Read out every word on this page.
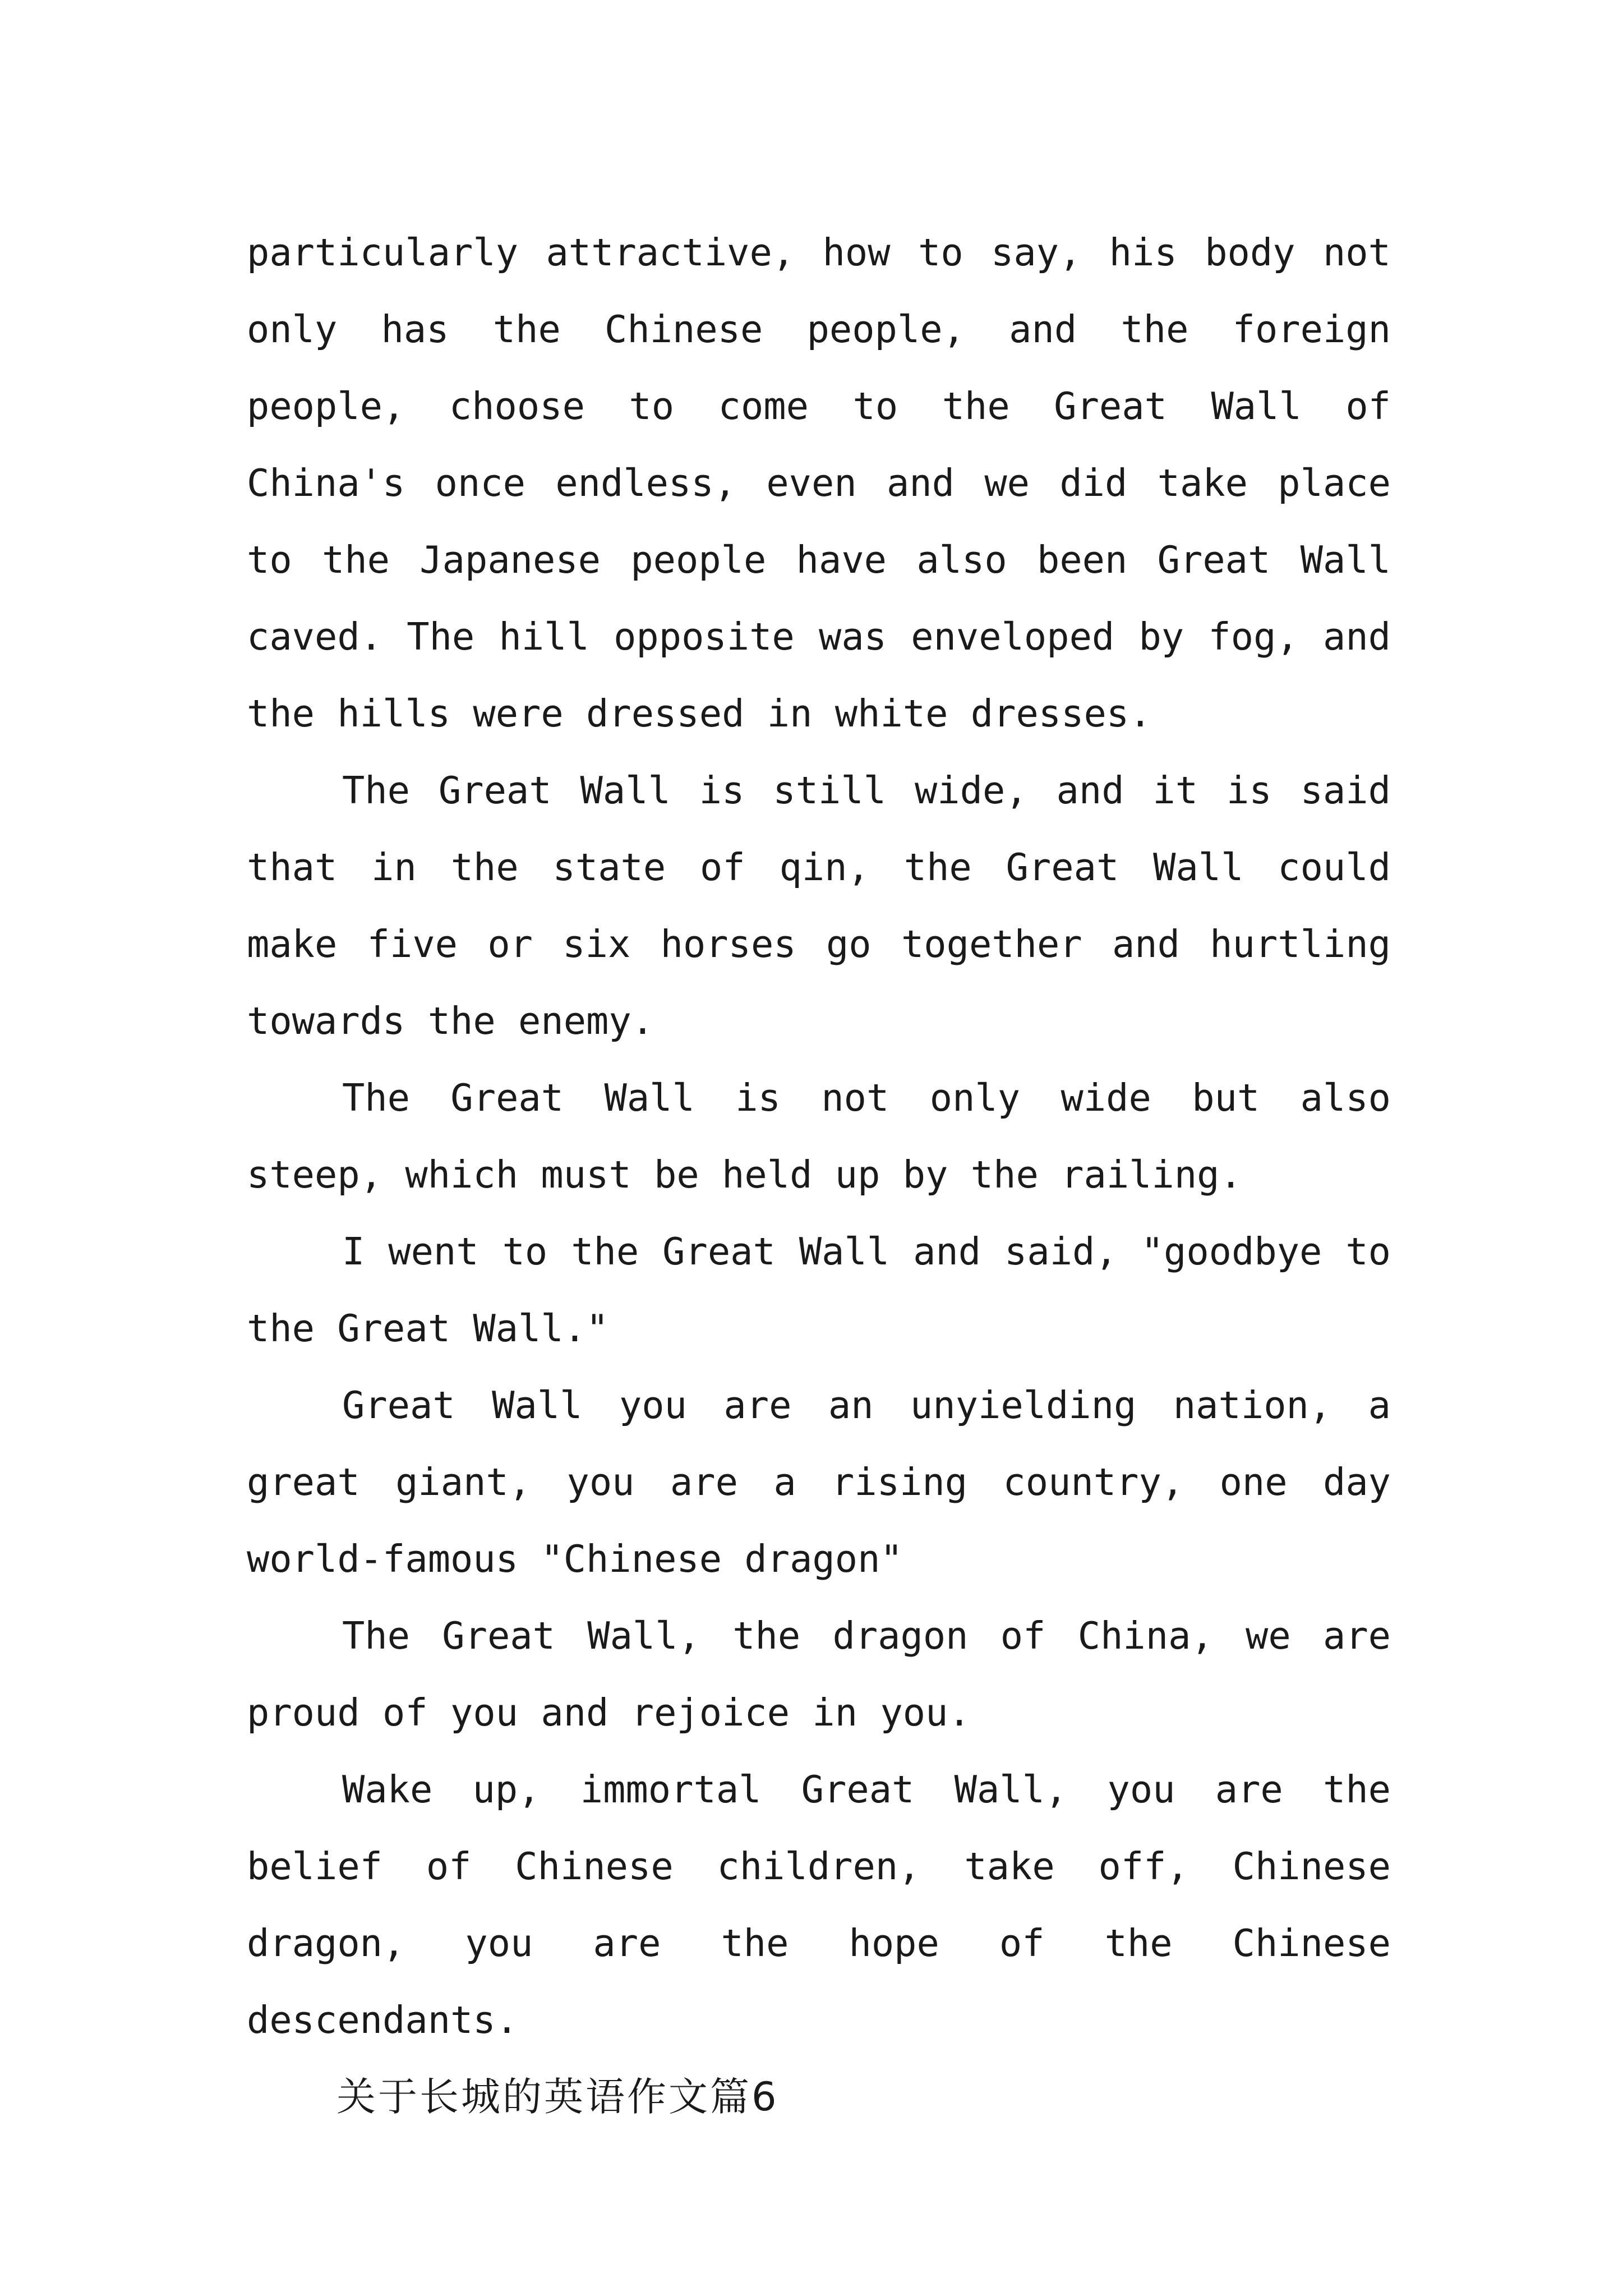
particularly attractive, how to say, his body not only has the Chinese people, and the foreign people, choose to come to the Great Wall of China's once endless, even and we did take place to the Japanese people have also been Great Wall caved. The hill opposite was enveloped by fog, and the hills were dressed in white dresses.

The Great Wall is still wide, and it is said that in the state of qin, the Great Wall could make five or six horses go together and hurtling towards the enemy.

The Great Wall is not only wide but also steep, which must be held up by the railing.

I went to the Great Wall and said, "goodbye to the Great Wall."

Great Wall you are an unyielding nation, a great giant, you are a rising country, one day world-famous "Chinese dragon"

The Great Wall, the dragon of China, we are proud of you and rejoice in you.

Wake up, immortal Great Wall, you are the belief of Chinese children, take off, Chinese dragon, you are the hope of the Chinese descendants.

关于长城的英语作文篇6
